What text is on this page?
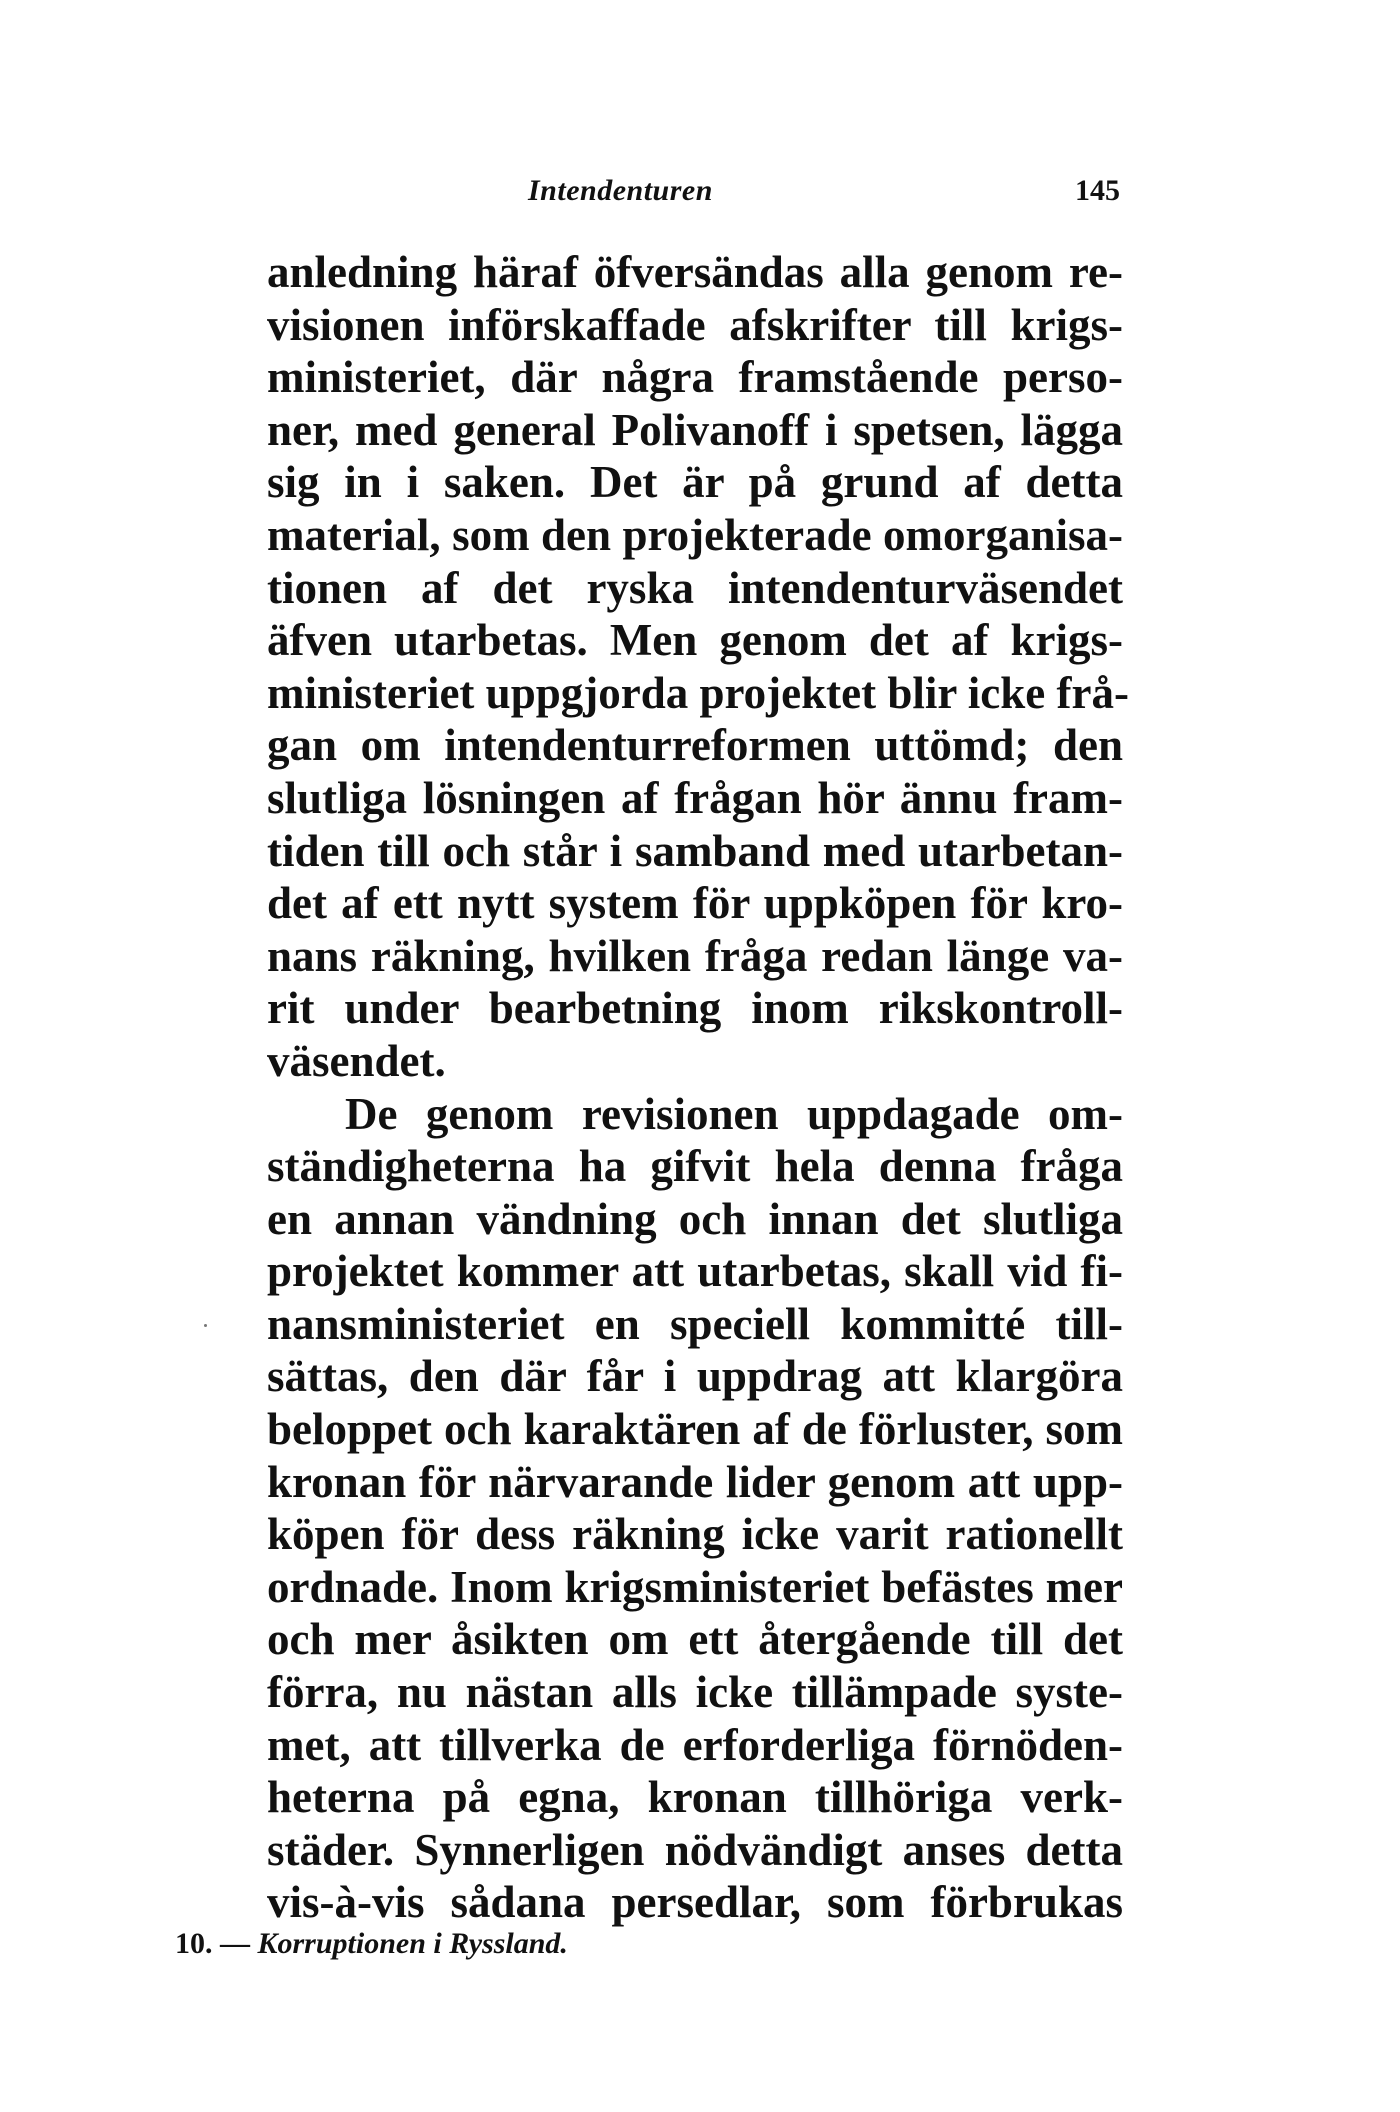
Intendenturen	145
anledning häraf öfversändas alla genom re-
visionen införskaffade afskrifter till krigs-
ministeriet, där några framstående perso-
ner, med general Polivanoff i spetsen, lägga
sig in i saken. Det är på grund af detta
material, som den projekterade omorganisa-
tionen af det ryska intendenturväsendet
äfven utarbetas. Men genom det af krigs-
ministeriet uppgjorda projektet blir icke frå-
gan om intendenturreformen uttömd; den
slutliga lösningen af frågan hör ännu fram-
tiden till och står i samband med utarbetan-
det af ett nytt system för uppköpen för kro-
nans räkning, hvilken fråga redan länge va-
rit under bearbetning inom rikskontroll-
väsendet.
De genom revisionen uppdagade om-
ständigheterna ha gifvit hela denna fråga
en annan vändning och innan det slutliga
projektet kommer att utarbetas, skall vid fi-
nansministeriet en speciell kommitté till-
sättas, den där får i uppdrag att klargöra
beloppet och karaktären af de förluster, som
kronan för närvarande lider genom att upp-
köpen för dess räkning icke varit rationellt
ordnade. Inom krigsministeriet befästes mer
och mer åsikten om ett återgående till det
förra, nu nästan alls icke tillämpade syste-
met, att tillverka de erforderliga förnöden-
heterna på egna, kronan tillhöriga verk-
städer. Synnerligen nödvändigt anses detta
vis-à-vis sådana persedlar, som förbrukas
10. — Korruptionen i Ryssland.
